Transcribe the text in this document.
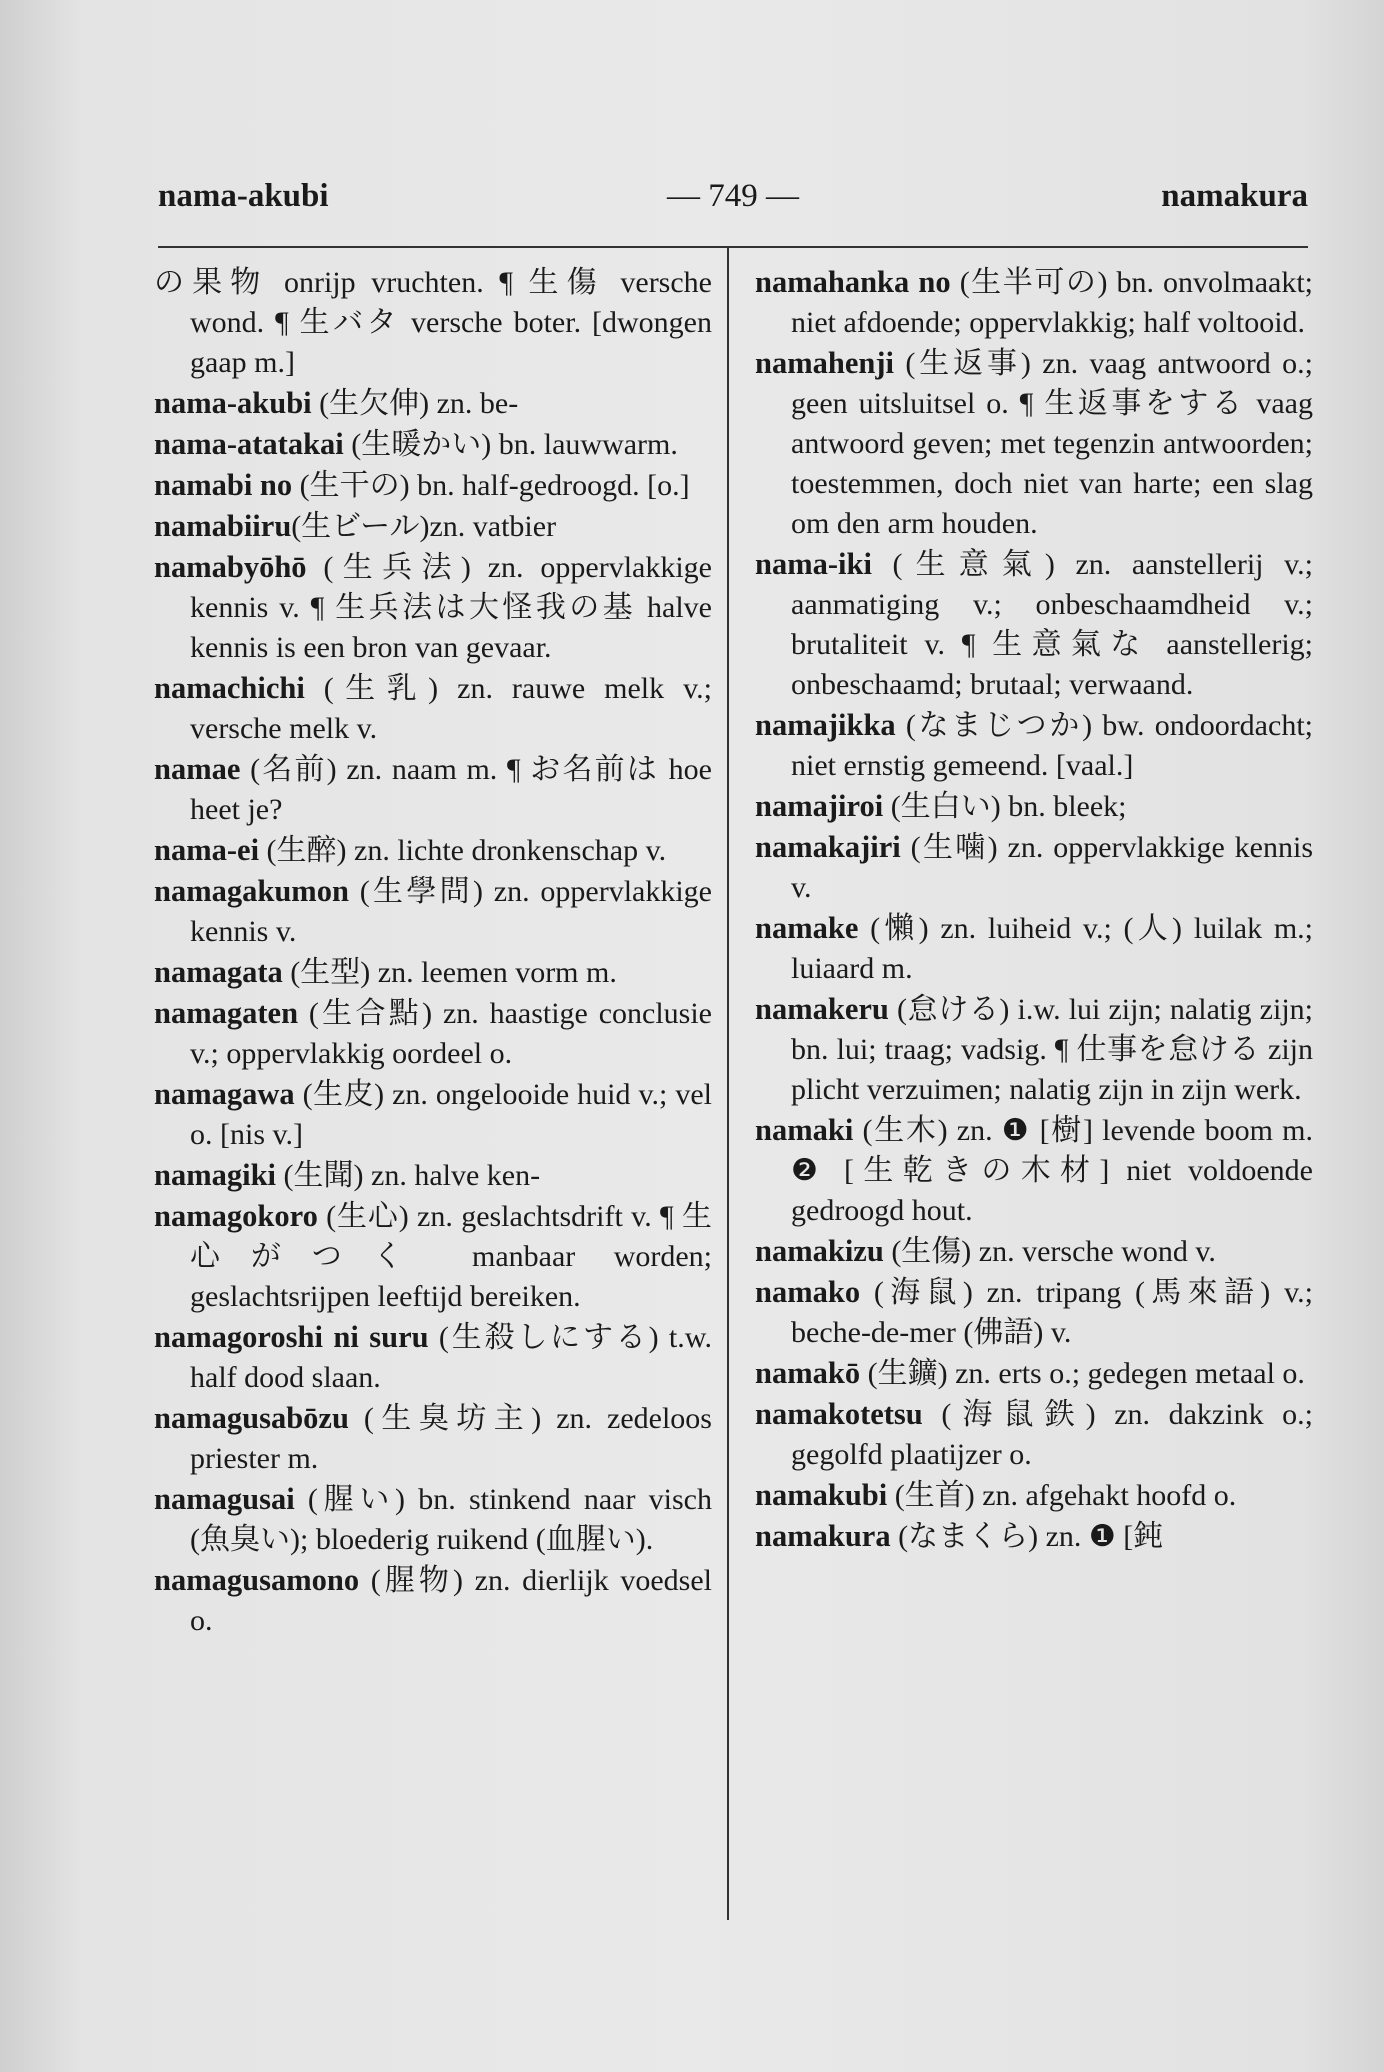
nama-akubi	— 749 —	namakura
の果物 onrijp vruchten. ¶ 生傷 versche wond. ¶ 生バタ versche boter. [dwongen gaap m.]
nama-akubi (生欠伸) zn. be-
nama-atatakai (生暖かい) bn. lauwwarm.
namabi no (生干の) bn. half-gedroogd. [o.]
namabiiru(生ビール)zn. vatbier
namabyōhō (生兵法) zn. oppervlakkige kennis v. ¶ 生兵法は大怪我の基 halve kennis is een bron van gevaar.
namachichi (生乳) zn. rauwe melk v.; versche melk v.
namae (名前) zn. naam m. ¶ お名前は hoe heet je?
nama-ei (生醉) zn. lichte dronkenschap v.
namagakumon (生學問) zn. oppervlakkige kennis v.
namagata (生型) zn. leemen vorm m.
namagaten (生合點) zn. haastige conclusie v.; oppervlakkig oordeel o.
namagawa (生皮) zn. ongelooide huid v.; vel o. [nis v.]
namagiki (生聞) zn. halve ken-
namagokoro (生心) zn. geslachtsdrift v. ¶ 生心がつく manbaar worden; geslachtsrijpen leeftijd bereiken.
namagoroshi ni suru (生殺しにする) t.w. half dood slaan.
namagusabōzu (生臭坊主) zn. zedeloos priester m.
namagusai (腥い) bn. stinkend naar visch (魚臭い); bloederig ruikend (血腥い).
namagusamono (腥物) zn. dierlijk voedsel o.
namahanka no (生半可の) bn. onvolmaakt; niet afdoende; oppervlakkig; half voltooid.
namahenji (生返事) zn. vaag antwoord o.; geen uitsluitsel o. ¶ 生返事をする vaag antwoord geven; met tegenzin antwoorden; toestemmen, doch niet van harte; een slag om den arm houden.
nama-iki (生意氣) zn. aanstellerij v.; aanmatiging v.; onbeschaamdheid v.; brutaliteit v. ¶ 生意氣な aanstellerig; onbeschaamd; brutaal; verwaand.
namajikka (なまじつか) bw. ondoordacht; niet ernstig gemeend. [vaal.]
namajiroi (生白い) bn. bleek;
namakajiri (生噛) zn. oppervlakkige kennis v.
namake (懶) zn. luiheid v.; (人) luilak m.; luiaard m.
namakeru (怠ける) i.w. lui zijn; nalatig zijn; bn. lui; traag; vadsig. ¶ 仕事を怠ける zijn plicht verzuimen; nalatig zijn in zijn werk.
namaki (生木) zn. ❶ [樹] levende boom m. ❷ [生乾きの木材] niet voldoende gedroogd hout.
namakizu (生傷) zn. versche wond v.
namako (海鼠) zn. tripang (馬來語) v.; beche-de-mer (佛語) v.
namakō (生鑛) zn. erts o.; gedegen metaal o.
namakotetsu (海鼠鉄) zn. dakzink o.; gegolfd plaatijzer o.
namakubi (生首) zn. afgehakt hoofd o.
namakura (なまくら) zn. ❶ [鈍
